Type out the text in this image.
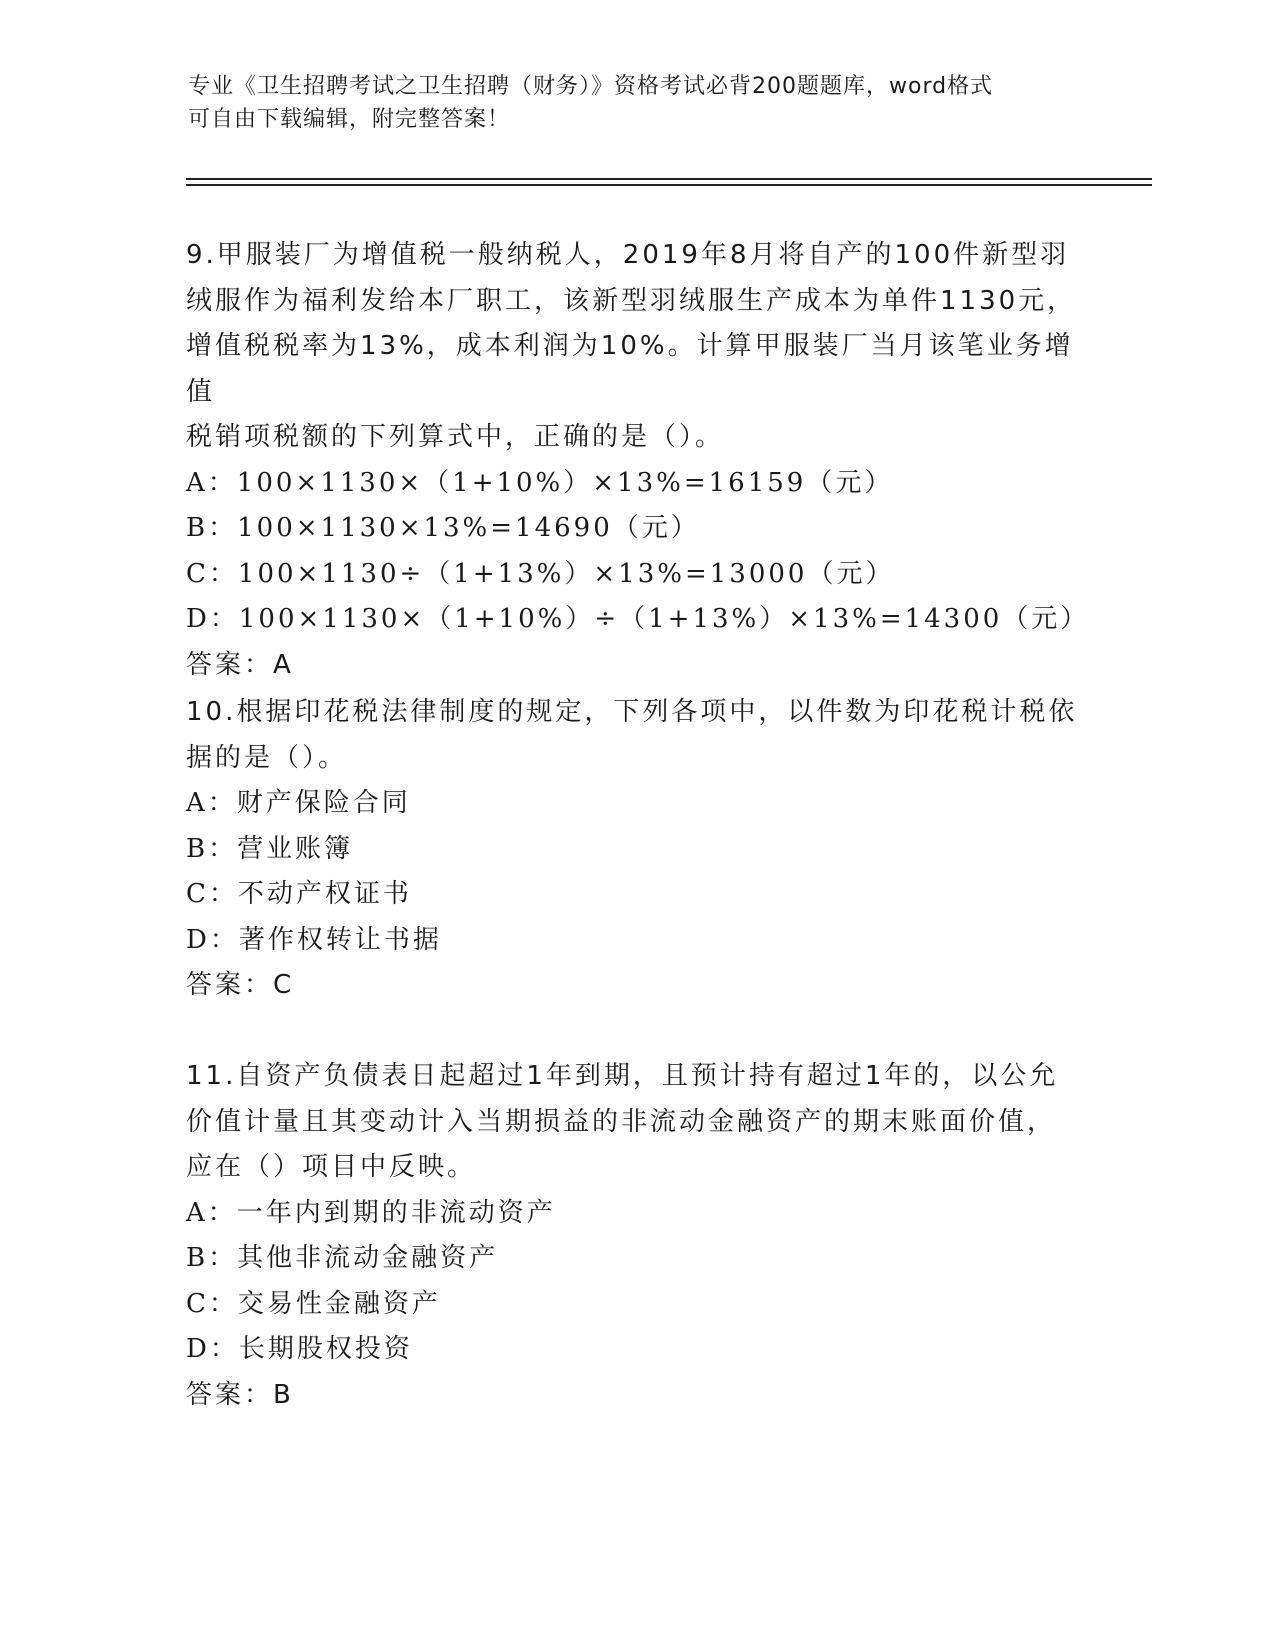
专业《卫生招聘考试之卫生招聘（财务）》资格考试必背200题题库，word格式
可自由下载编辑，附完整答案！

9.甲服装厂为增值税一般纳税人，2019年8月将自产的100件新型羽

绒服作为福利发给本厂职工，该新型羽绒服生产成本为单件1130元，

增值税税率为13%，成本利润为10%。计算甲服装厂当月该笔业务增值

税销项税额的下列算式中，正确的是（）。

A：100×1130×（1+10%）×13%=16159（元）

B：100×1130×13%=14690（元）

C：100×1130÷（1+13%）×13%=13000（元）

D：100×1130×（1+10%）÷（1+13%）×13%=14300（元）

答案：A

10.根据印花税法律制度的规定，下列各项中，以件数为印花税计税依

据的是（）。

A：财产保险合同

B：营业账簿

C：不动产权证书

D：著作权转让书据

答案：C

11.自资产负债表日起超过1年到期，且预计持有超过1年的，以公允

价值计量且其变动计入当期损益的非流动金融资产的期末账面价值，

应在（）项目中反映。

A：一年内到期的非流动资产

B：其他非流动金融资产

C：交易性金融资产

D：长期股权投资

答案：B
